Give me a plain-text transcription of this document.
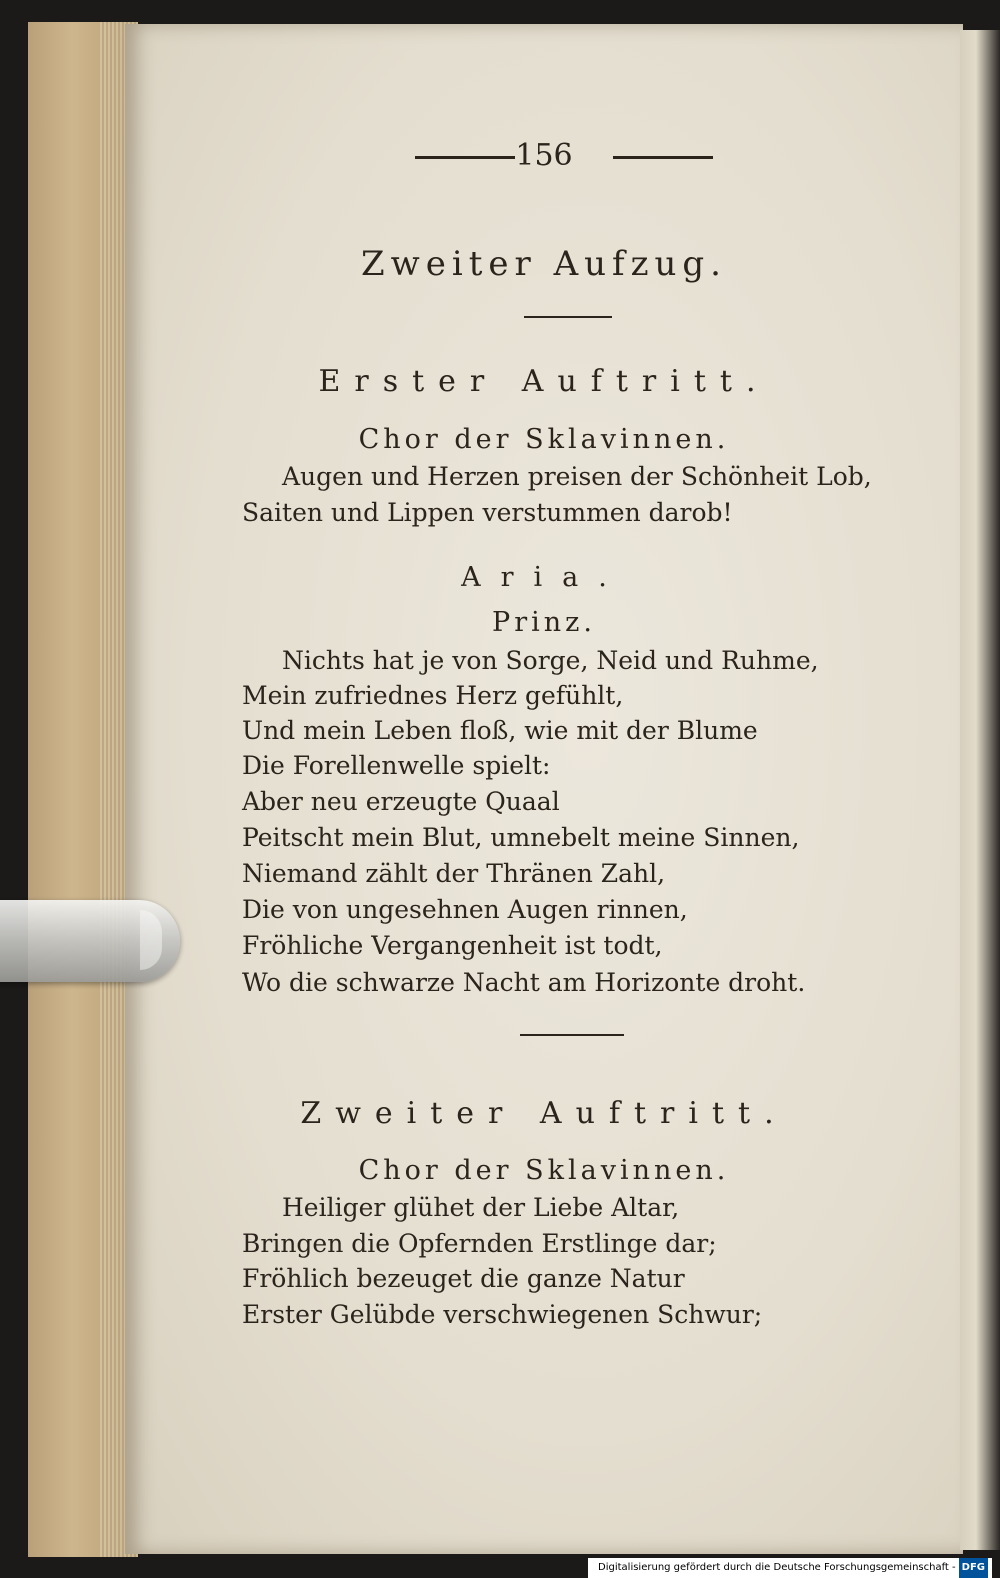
156
Zweiter Aufzug.
Erster Auftritt.
Chor der Sklavinnen.
Augen und Herzen preisen der Schönheit Lob,
Saiten und Lippen verstummen darob!
Aria.
Prinz.
Nichts hat je von Sorge, Neid und Ruhme,
Mein zufriednes Herz gefühlt,
Und mein Leben floß, wie mit der Blume
Die Forellenwelle spielt:
Aber neu erzeugte Quaal
Peitscht mein Blut, umnebelt meine Sinnen,
Niemand zählt der Thränen Zahl,
Die von ungesehnen Augen rinnen,
Fröhliche Vergangenheit ist todt,
Wo die schwarze Nacht am Horizonte droht.
Zweiter Auftritt.
Chor der Sklavinnen.
Heiliger glühet der Liebe Altar,
Bringen die Opfernden Erstlinge dar;
Fröhlich bezeuget die ganze Natur
Erster Gelübde verschwiegenen Schwur;
Digitalisierung gefördert durch die Deutsche Forschungsgemeinschaft - DFG
